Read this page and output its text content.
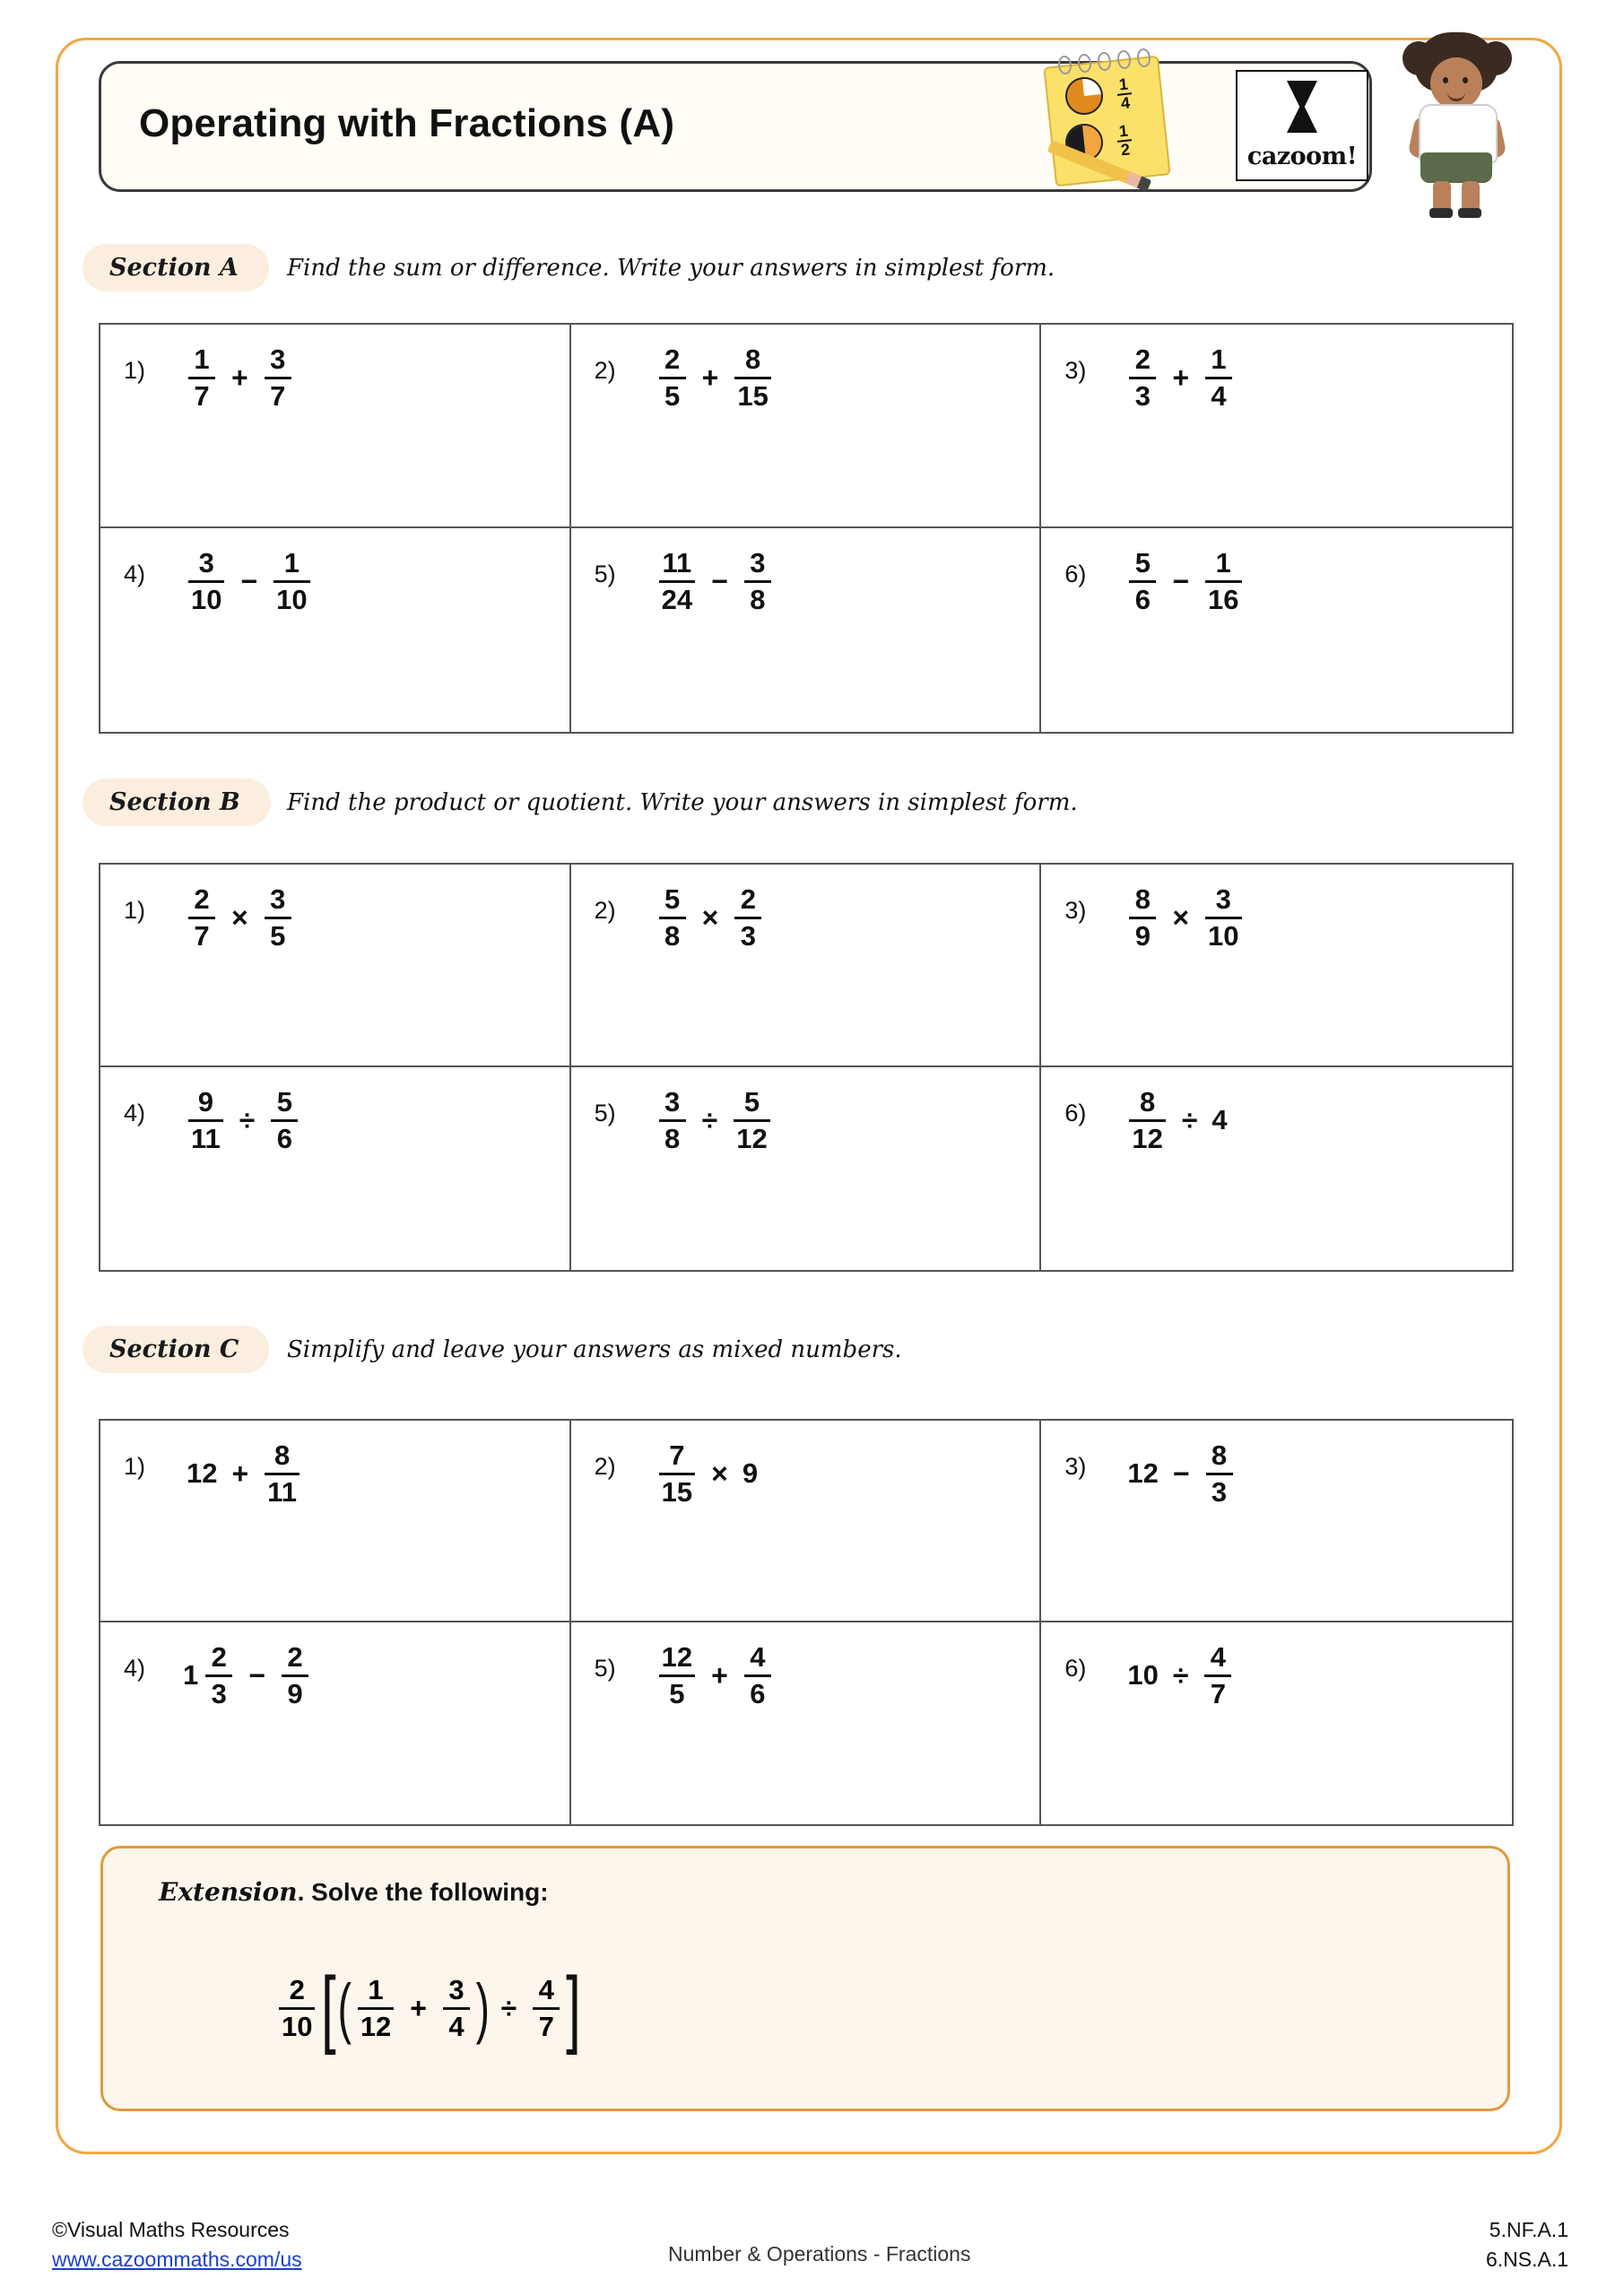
Operating with Fractions (A)
1
4
1
2	cazoom!
Section A	Find the sum or difference. Write your answers in simplest form.
$1) \frac{1}{7} + \frac{3}{7}$	$2) \frac{2}{5} + \frac{8}{15}$	$3) \frac{2}{3} + \frac{1}{4}$
$4) \frac{3}{10} - \frac{1}{10}$	$5) \frac{11}{24} - \frac{3}{8}$	$6) \frac{5}{6} - \frac{1}{16}$
Section B	Find the product or quotient. Write your answers in simplest form.
$1) \frac{2}{7} \times \frac{3}{5}$	$2) \frac{5}{8} \times \frac{2}{3}$	$3) \frac{8}{9} \times \frac{3}{10}$
$4) \frac{9}{11} \div \frac{5}{6}$	$5) \frac{3}{8} \div \frac{5}{12}$	$6) \frac{8}{12} \div 4$
Section C	Simplify and leave your answers as mixed numbers.
1) $12 + \frac{8}{11}$	$2) \frac{7}{15} \times 9$	3) $12 - \frac{8}{3}$
4) $1 \frac{2}{3} - \frac{2}{9}$	$5) \frac{12}{5} + \frac{4}{6}$	6) $10 \div \frac{4}{7}$
Extension. Solve the following:
$\frac{2}{10}$ [ ( $\frac{1}{12} + \frac{3}{4}$ ) ÷ $\frac{4}{7}$ ]
©Visual Maths Resources
www.cazoommaths.com/us	Number & Operations - Fractions
5.NF.A.1
6.NS.A.1
